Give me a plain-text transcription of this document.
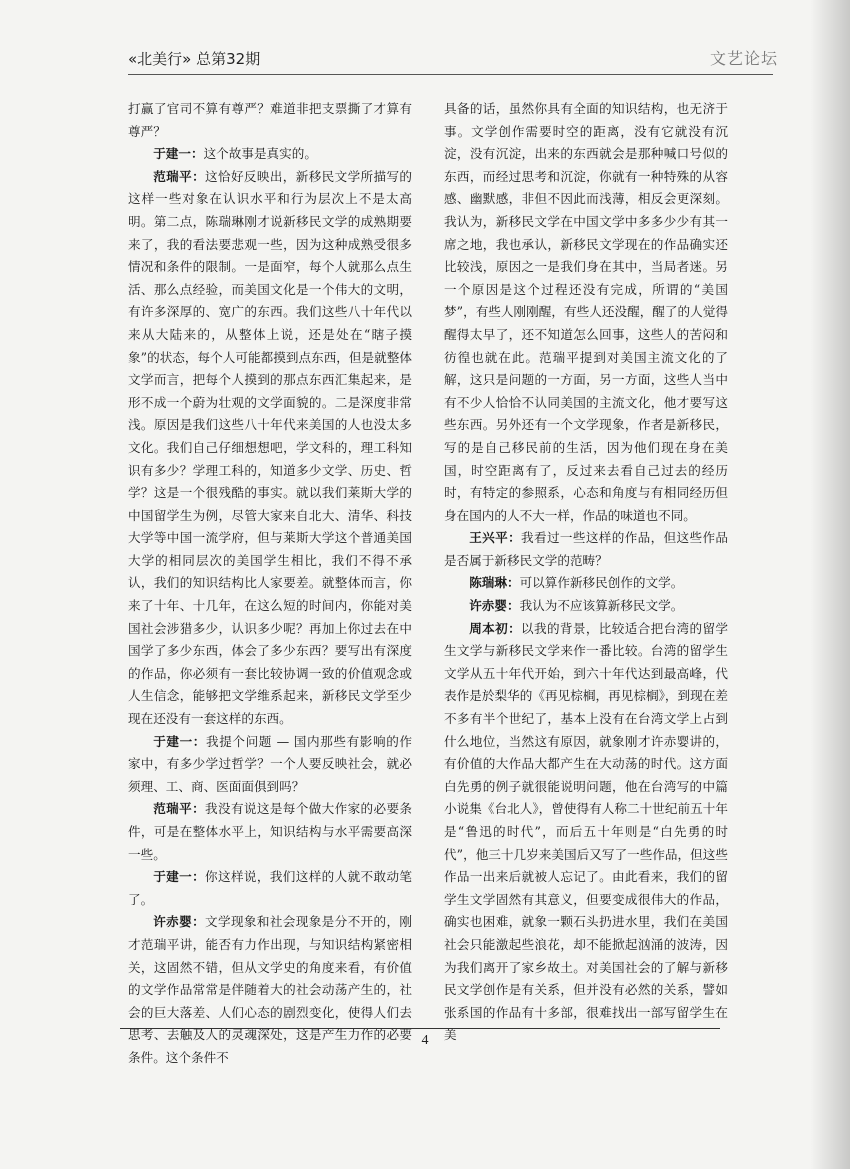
«北美行» 总第32期	文艺论坛

打赢了官司不算有尊严？难道非把支票撕了才算有尊严？

于建一：这个故事是真实的。

范瑞平：这恰好反映出，新移民文学所描写的这样一些对象在认识水平和行为层次上不是太高明。第二点，陈瑞琳刚才说新移民文学的成熟期要来了，我的看法要悲观一些，因为这种成熟受很多情况和条件的限制。一是面窄，每个人就那么点生活、那么点经验，而美国文化是一个伟大的文明，有许多深厚的、宽广的东西。我们这些八十年代以来从大陆来的，从整体上说，还是处在“瞎子摸象”的状态，每个人可能都摸到点东西，但是就整体文学而言，把每个人摸到的那点东西汇集起来，是形不成一个蔚为壮观的文学面貌的。二是深度非常浅。原因是我们这些八十年代来美国的人也没太多文化。我们自己仔细想想吧，学文科的，理工科知识有多少？学理工科的，知道多少文学、历史、哲学？这是一个很残酷的事实。就以我们莱斯大学的中国留学生为例，尽管大家来自北大、清华、科技大学等中国一流学府，但与莱斯大学这个普通美国大学的相同层次的美国学生相比，我们不得不承认，我们的知识结构比人家要差。就整体而言，你来了十年、十几年，在这么短的时间内，你能对美国社会涉猎多少，认识多少呢？再加上你过去在中国学了多少东西，体会了多少东西？要写出有深度的作品，你必须有一套比较协调一致的价值观念或人生信念，能够把文学维系起来，新移民文学至少现在还没有一套这样的东西。

于建一：我提个问题 — 国内那些有影响的作家中，有多少学过哲学？一个人要反映社会，就必须理、工、商、医面面俱到吗？

范瑞平：我没有说这是每个做大作家的必要条件，可是在整体水平上，知识结构与水平需要高深一些。

于建一：你这样说，我们这样的人就不敢动笔了。

许赤婴：文学现象和社会现象是分不开的，刚才范瑞平讲，能否有力作出现，与知识结构紧密相关，这固然不错，但从文学史的角度来看，有价值的文学作品常常是伴随着大的社会动荡产生的，社会的巨大落差、人们心态的剧烈变化，使得人们去思考、去触及人的灵魂深处，这是产生力作的必要条件。这个条件不

具备的话，虽然你具有全面的知识结构，也无济于事。文学创作需要时空的距离，没有它就没有沉淀，没有沉淀，出来的东西就会是那种喊口号似的东西，而经过思考和沉淀，你就有一种特殊的从容感、幽默感，非但不因此而浅薄，相反会更深刻。我认为，新移民文学在中国文学中多多少少有其一席之地，我也承认，新移民文学现在的作品确实还比较浅，原因之一是我们身在其中，当局者迷。另一个原因是这个过程还没有完成，所谓的“美国梦”，有些人刚刚醒，有些人还没醒，醒了的人觉得醒得太早了，还不知道怎么回事，这些人的苦闷和彷徨也就在此。范瑞平提到对美国主流文化的了解，这只是问题的一方面，另一方面，这些人当中有不少人恰恰不认同美国的主流文化，他才要写这些东西。另外还有一个文学现象，作者是新移民，写的是自己移民前的生活，因为他们现在身在美国，时空距离有了，反过来去看自己过去的经历时，有特定的参照系，心态和角度与有相同经历但身在国内的人不大一样，作品的味道也不同。

王兴平：我看过一些这样的作品，但这些作品是否属于新移民文学的范畴？

陈瑞琳：可以算作新移民创作的文学。

许赤婴：我认为不应该算新移民文学。

周本初：以我的背景，比较适合把台湾的留学生文学与新移民文学来作一番比较。台湾的留学生文学从五十年代开始，到六十年代达到最高峰，代表作是於梨华的《再见棕榈，再见棕榈》，到现在差不多有半个世纪了，基本上没有在台湾文学上占到什么地位，当然这有原因，就象刚才许赤婴讲的，有价值的大作品大都产生在大动荡的时代。这方面白先勇的例子就很能说明问题，他在台湾写的中篇小说集《台北人》，曾使得有人称二十世纪前五十年是“鲁迅的时代”，而后五十年则是“白先勇的时代”，他三十几岁来美国后又写了一些作品，但这些作品一出来后就被人忘记了。由此看来，我们的留学生文学固然有其意义，但要变成很伟大的作品，确实也困难，就象一颗石头扔进水里，我们在美国社会只能激起些浪花，却不能掀起汹涌的波涛，因为我们离开了家乡故土。对美国社会的了解与新移民文学创作是有关系，但并没有必然的关系，譬如张系国的作品有十多部，很难找出一部写留学生在美

4
